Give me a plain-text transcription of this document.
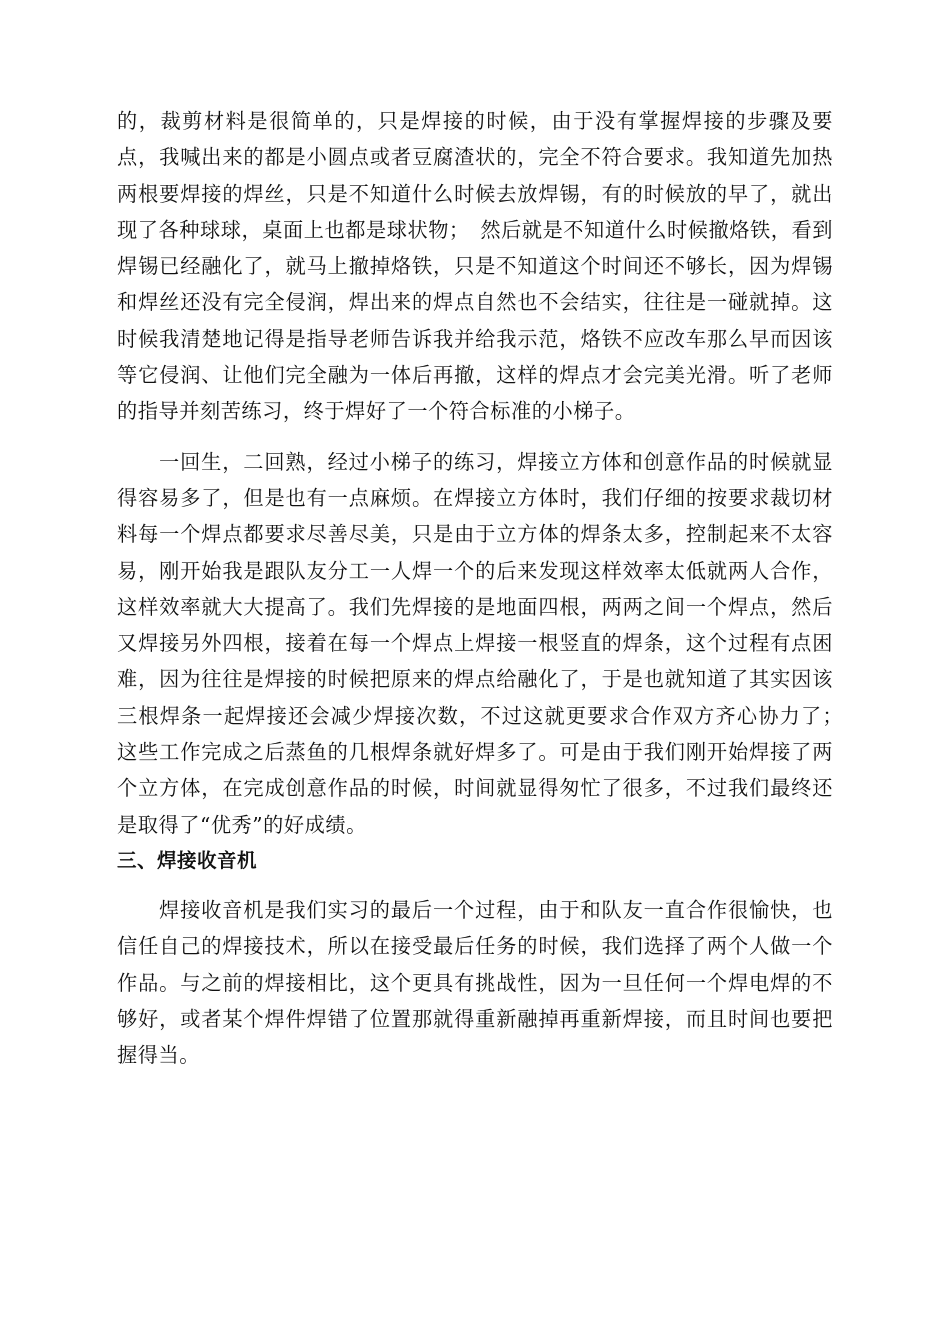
的，裁剪材料是很简单的，只是焊接的时候，由于没有掌握焊接的步骤及要点，我喊出来的都是小圆点或者豆腐渣状的，完全不符合要求。我知道先加热两根要焊接的焊丝，只是不知道什么时候去放焊锡，有的时候放的早了，就出现了各种球球，桌面上也都是球状物；　然后就是不知道什么时候撤烙铁，看到焊锡已经融化了，就马上撤掉烙铁，只是不知道这个时间还不够长，因为焊锡和焊丝还没有完全侵润，焊出来的焊点自然也不会结实，往往是一碰就掉。这时候我清楚地记得是指导老师告诉我并给我示范，烙铁不应改车那么早而因该等它侵润、让他们完全融为一体后再撤，这样的焊点才会完美光滑。听了老师的指导并刻苦练习，终于焊好了一个符合标准的小梯子。

一回生，二回熟，经过小梯子的练习，焊接立方体和创意作品的时候就显得容易多了，但是也有一点麻烦。在焊接立方体时，我们仔细的按要求裁切材料每一个焊点都要求尽善尽美，只是由于立方体的焊条太多，控制起来不太容易，刚开始我是跟队友分工一人焊一个的后来发现这样效率太低就两人合作，这样效率就大大提高了。我们先焊接的是地面四根，两两之间一个焊点，然后又焊接另外四根，接着在每一个焊点上焊接一根竖直的焊条，这个过程有点困难，因为往往是焊接的时候把原来的焊点给融化了，于是也就知道了其实因该三根焊条一起焊接还会减少焊接次数，不过这就更要求合作双方齐心协力了；　这些工作完成之后蒸鱼的几根焊条就好焊多了。可是由于我们刚开始焊接了两个立方体，在完成创意作品的时候，时间就显得匆忙了很多，不过我们最终还是取得了“优秀”的好成绩。

三、焊接收音机

焊接收音机是我们实习的最后一个过程，由于和队友一直合作很愉快，也信任自己的焊接技术，所以在接受最后任务的时候，我们选择了两个人做一个作品。与之前的焊接相比，这个更具有挑战性，因为一旦任何一个焊电焊的不够好，或者某个焊件焊错了位置那就得重新融掉再重新焊接，而且时间也要把握得当。
